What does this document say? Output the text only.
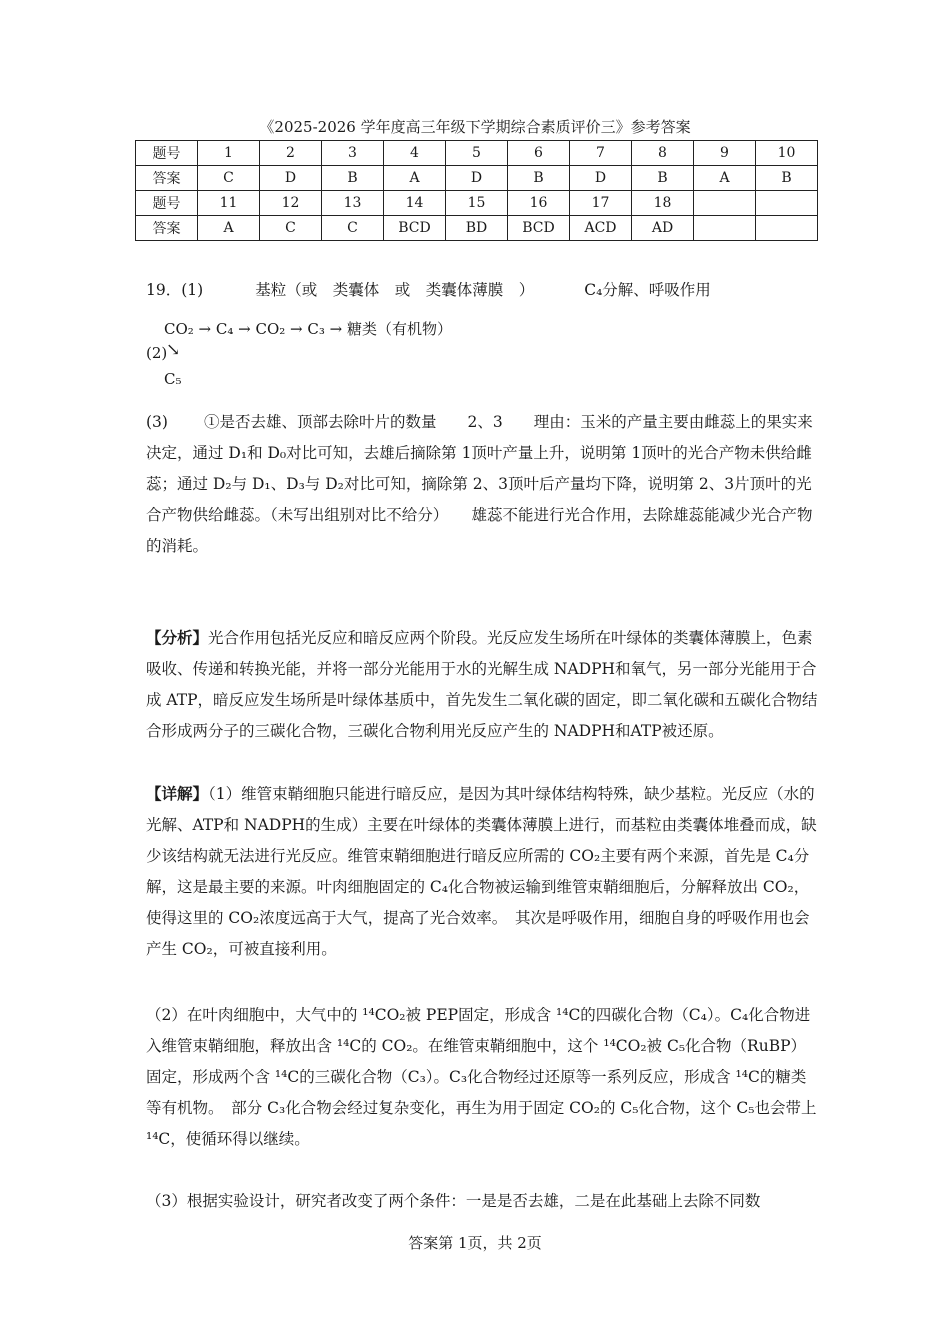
《2025-2026 学年度高三年级下学期综合素质评价三》参考答案
题号	1	2	3	4	5	6	7	8	9	10
答案	C	D	B	A	D	B	D	B	A	B
题号	11	12	13	14	15	16	17	18		
答案	A	C	C	BCD	BD	BCD	ACD	AD		
19．(1)	基粒（或　类囊体　或　类囊体薄膜　）	C₄分解、呼吸作用
CO₂ → C₄ → CO₂ → C₃ → 糖类（有机物）
(2)
↘
C₅
(3) ①是否去雄、顶部去除叶片的数量　　2、3　　理由：玉米的产量主要由雌蕊上的果实来决定，通过 D₁和 D₀对比可知，去雄后摘除第 1顶叶产量上升，说明第 1顶叶的光合产物未供给雌蕊；通过 D₂与 D₁、D₃与 D₂对比可知，摘除第 2、3顶叶后产量均下降，说明第 2、3片顶叶的光合产物供给雌蕊。（未写出组别对比不给分）　　雄蕊不能进行光合作用，去除雄蕊能减少光合产物的消耗。
【分析】光合作用包括光反应和暗反应两个阶段。光反应发生场所在叶绿体的类囊体薄膜上，色素吸收、传递和转换光能，并将一部分光能用于水的光解生成 NADPH和氧气，另一部分光能用于合成 ATP，暗反应发生场所是叶绿体基质中，首先发生二氧化碳的固定，即二氧化碳和五碳化合物结合形成两分子的三碳化合物，三碳化合物利用光反应产生的 NADPH和ATP被还原。
【详解】（1）维管束鞘细胞只能进行暗反应，是因为其叶绿体结构特殊，缺少基粒。光反应（水的光解、ATP和 NADPH的生成）主要在叶绿体的类囊体薄膜上进行，而基粒由类囊体堆叠而成，缺少该结构就无法进行光反应。维管束鞘细胞进行暗反应所需的 CO₂主要有两个来源，首先是 C₄分解，这是最主要的来源。叶肉细胞固定的 C₄化合物被运输到维管束鞘细胞后，分解释放出 CO₂，使得这里的 CO₂浓度远高于大气，提高了光合效率。　其次是呼吸作用，细胞自身的呼吸作用也会产生 CO₂，可被直接利用。
（2）在叶肉细胞中，大气中的 ¹⁴CO₂被 PEP固定，形成含 ¹⁴C的四碳化合物（C₄）。C₄化合物进入维管束鞘细胞，释放出含 ¹⁴C的 CO₂。在维管束鞘细胞中，这个 ¹⁴CO₂被 C₅化合物（RuBP）固定，形成两个含 ¹⁴C的三碳化合物（C₃）。C₃化合物经过还原等一系列反应，形成含 ¹⁴C的糖类等有机物。　部分 C₃化合物会经过复杂变化，再生为用于固定 CO₂的 C₅化合物，这个 C₅也会带上 ¹⁴C，使循环得以继续。
（3）根据实验设计，研究者改变了两个条件：一是是否去雄，二是在此基础上去除不同数
答案第 1页，共 2页
